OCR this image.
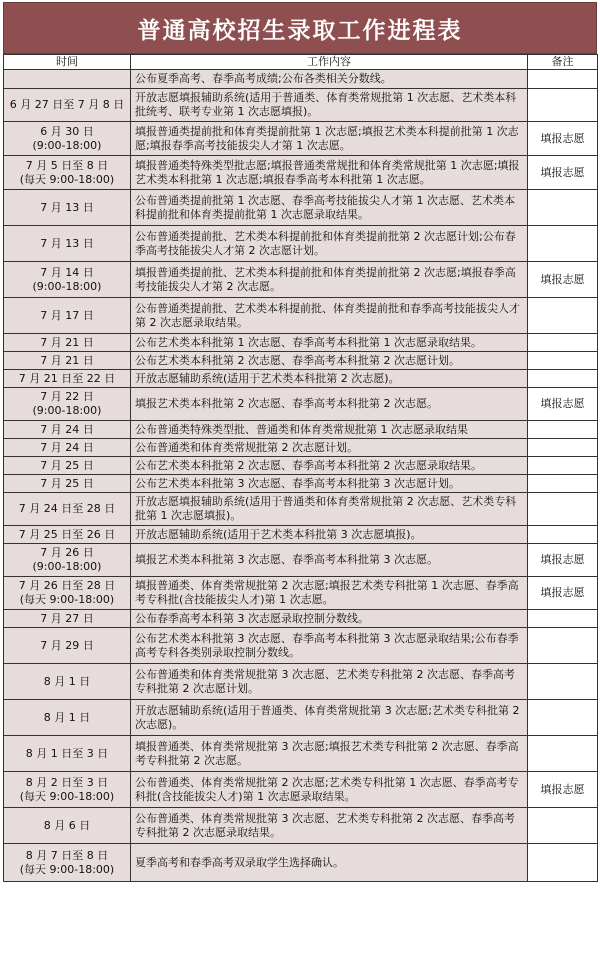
普通高校招生录取工作进程表
时间	工作内容	备注

	公布夏季高考、春季高考成绩;公布各类相关分数线。	

6 月 27 日至 7 月 8 日	开放志愿填报辅助系统(适用于普通类、体育类常规批第 1 次志愿、艺术类本科批统考、联考专业第 1 次志愿填报)。	

6 月 30 日
(9:00-18:00)	填报普通类提前批和体育类提前批第 1 次志愿;填报艺术类本科提前批第 1 次志愿;填报春季高考技能拔尖人才第 1 次志愿。	填报志愿

7 月 5 日至 8 日
(每天 9:00-18:00)	填报普通类特殊类型批志愿;填报普通类常规批和体育类常规批第 1 次志愿;填报艺术类本科批第 1 次志愿;填报春季高考本科批第 1 次志愿。	填报志愿

7 月 13 日	公布普通类提前批第 1 次志愿、春季高考技能拔尖人才第 1 次志愿、艺术类本科提前批和体育类提前批第 1 次志愿录取结果。	

7 月 13 日	公布普通类提前批、艺术类本科提前批和体育类提前批第 2 次志愿计划;公布春季高考技能拔尖人才第 2 次志愿计划。	

7 月 14 日
(9:00-18:00)	填报普通类提前批、艺术类本科提前批和体育类提前批第 2 次志愿;填报春季高考技能拔尖人才第 2 次志愿。	填报志愿

7 月 17 日	公布普通类提前批、艺术类本科提前批、体育类提前批和春季高考技能拔尖人才第 2 次志愿录取结果。	

7 月 21 日	公布艺术类本科批第 1 次志愿、春季高考本科批第 1 次志愿录取结果。	

7 月 21 日	公布艺术类本科批第 2 次志愿、春季高考本科批第 2 次志愿计划。	

7 月 21 日至 22 日	开放志愿辅助系统(适用于艺术类本科批第 2 次志愿)。	

7 月 22 日
(9:00-18:00)	填报艺术类本科批第 2 次志愿、春季高考本科批第 2 次志愿。	填报志愿

7 月 24 日	公布普通类特殊类型批、普通类和体育类常规批第 1 次志愿录取结果	

7 月 24 日	公布普通类和体育类常规批第 2 次志愿计划。	

7 月 25 日	公布艺术类本科批第 2 次志愿、春季高考本科批第 2 次志愿录取结果。	

7 月 25 日	公布艺术类本科批第 3 次志愿、春季高考本科批第 3 次志愿计划。	

7 月 24 日至 28 日	开放志愿填报辅助系统(适用于普通类和体育类常规批第 2 次志愿、艺术类专科批第 1 次志愿填报)。	

7 月 25 日至 26 日	开放志愿辅助系统(适用于艺术类本科批第 3 次志愿填报)。	

7 月 26 日
(9:00-18:00)	填报艺术类本科批第 3 次志愿、春季高考本科批第 3 次志愿。	填报志愿

7 月 26 日至 28 日
(每天 9:00-18:00)	填报普通类、体育类常规批第 2 次志愿;填报艺术类专科批第 1 次志愿、春季高考专科批(含技能拔尖人才)第 1 次志愿。	填报志愿

7 月 27 日	公布春季高考本科第 3 次志愿录取控制分数线。	

7 月 29 日	公布艺术类本科批第 3 次志愿、春季高考本科批第 3 次志愿录取结果;公布春季高考专科各类别录取控制分数线。	

8 月 1 日	公布普通类和体育类常规批第 3 次志愿、艺术类专科批第 2 次志愿、春季高考专科批第 2 次志愿计划。	

8 月 1 日	开放志愿辅助系统(适用于普通类、体育类常规批第 3 次志愿;艺术类专科批第 2 次志愿)。	

8 月 1 日至 3 日	填报普通类、体育类常规批第 3 次志愿;填报艺术类专科批第 2 次志愿、春季高考专科批第 2 次志愿。	

8 月 2 日至 3 日
(每天 9:00-18:00)	公布普通类、体育类常规批第 2 次志愿;艺术类专科批第 1 次志愿、春季高考专科批(含技能拔尖人才)第 1 次志愿录取结果。	填报志愿

8 月 6 日	公布普通类、体育类常规批第 3 次志愿、艺术类专科批第 2 次志愿、春季高考专科批第 2 次志愿录取结果。	

8 月 7 日至 8 日
(每天 9:00-18:00)	夏季高考和春季高考双录取学生选择确认。	
